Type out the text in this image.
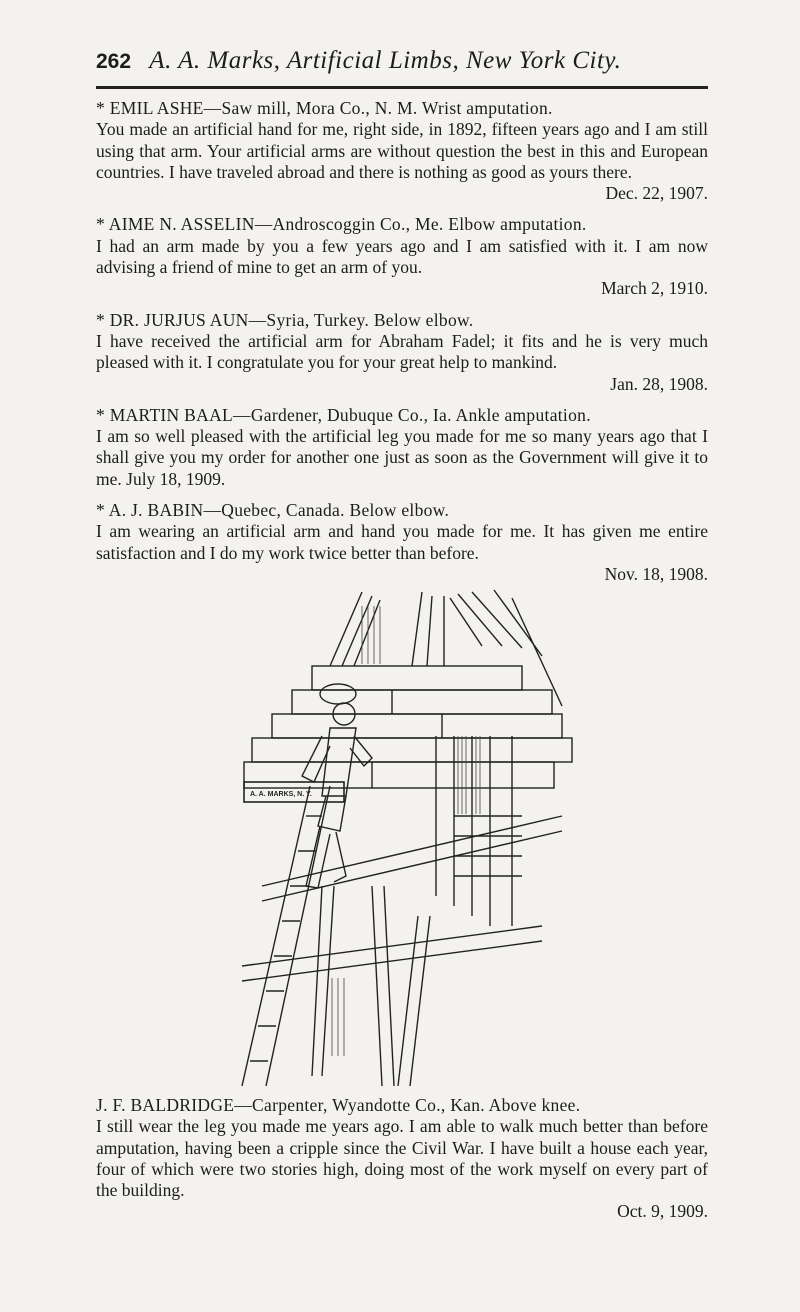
262 A. A. Marks, Artificial Limbs, New York City.

* EMIL ASHE—Saw mill, Mora Co., N. M. Wrist amputation.

You made an artificial hand for me, right side, in 1892, fifteen years ago and I am still using that arm. Your artificial arms are without question the best in this and European countries. I have traveled abroad and there is nothing as good as yours there.

Dec. 22, 1907.

* AIME N. ASSELIN—Androscoggin Co., Me. Elbow amputation.

I had an arm made by you a few years ago and I am satisfied with it. I am now advising a friend of mine to get an arm of you.

March 2, 1910.

* DR. JURJUS AUN—Syria, Turkey. Below elbow.

I have received the artificial arm for Abraham Fadel; it fits and he is very much pleased with it. I congratulate you for your great help to mankind.

Jan. 28, 1908.

* MARTIN BAAL—Gardener, Dubuque Co., Ia. Ankle amputation.

I am so well pleased with the artificial leg you made for me so many years ago that I shall give you my order for another one just as soon as the Government will give it to me. July 18, 1909.

* A. J. BABIN—Quebec, Canada. Below elbow.

I am wearing an artificial arm and hand you made for me. It has given me entire satisfaction and I do my work twice better than before.

Nov. 18, 1908.

A. A. MARKS, N. Y.

J. F. BALDRIDGE—Carpenter, Wyandotte Co., Kan. Above knee.

I still wear the leg you made me years ago. I am able to walk much better than before amputation, having been a cripple since the Civil War. I have built a house each year, four of which were two stories high, doing most of the work myself on every part of the building.

Oct. 9, 1909.
